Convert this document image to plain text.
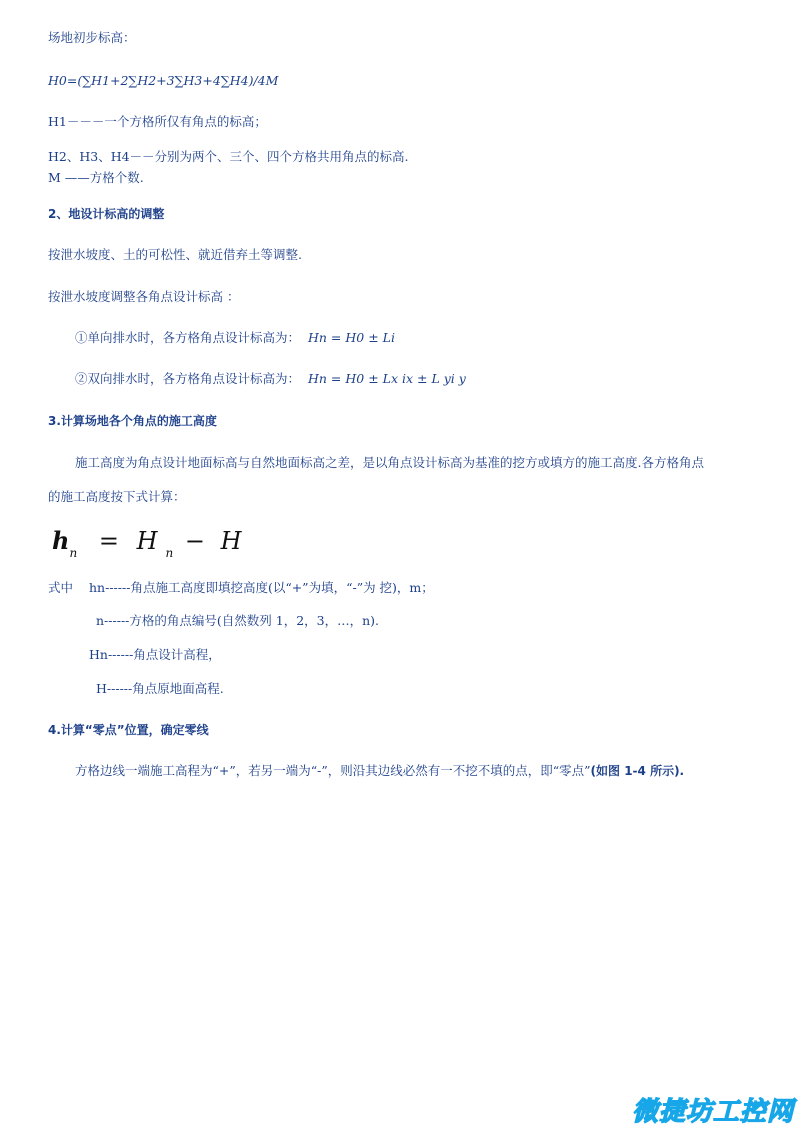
场地初步标高：
H0=(∑H1+2∑H2+3∑H3+4∑H4)/4M
H1－－－一个方格所仅有角点的标高；
H2、H3、H4－－分别为两个、三个、四个方格共用角点的标高.
M ——方格个数.
2、地设计标高的调整
按泄水坡度、土的可松性、就近借弃土等调整.
按泄水坡度调整各角点设计标高 ：
①单向排水时，各方格角点设计标高为： Hn = H0 ± Li
②双向排水时，各方格角点设计标高为： Hn = H0 ± Lx ix ± L yi y
3.计算场地各个角点的施工高度
施工高度为角点设计地面标高与自然地面标高之差，是以角点设计标高为基准的挖方或填方的施工高度.各方格角点
的施工高度按下式计算：
$h_n = H$ $_n$ − H
式中 hn------角点施工高度即填挖高度(以“+”为填，“-”为 挖)，m；
n------方格的角点编号(自然数列 1，2，3，…，n).
Hn------角点设计高程，
H------角点原地面高程.
4.计算“零点”位置，确定零线
方格边线一端施工高程为“+”，若另一端为“-”，则沿其边线必然有一不挖不填的点，即“零点”(如图 1-4 所示).
微捷坊工控网
